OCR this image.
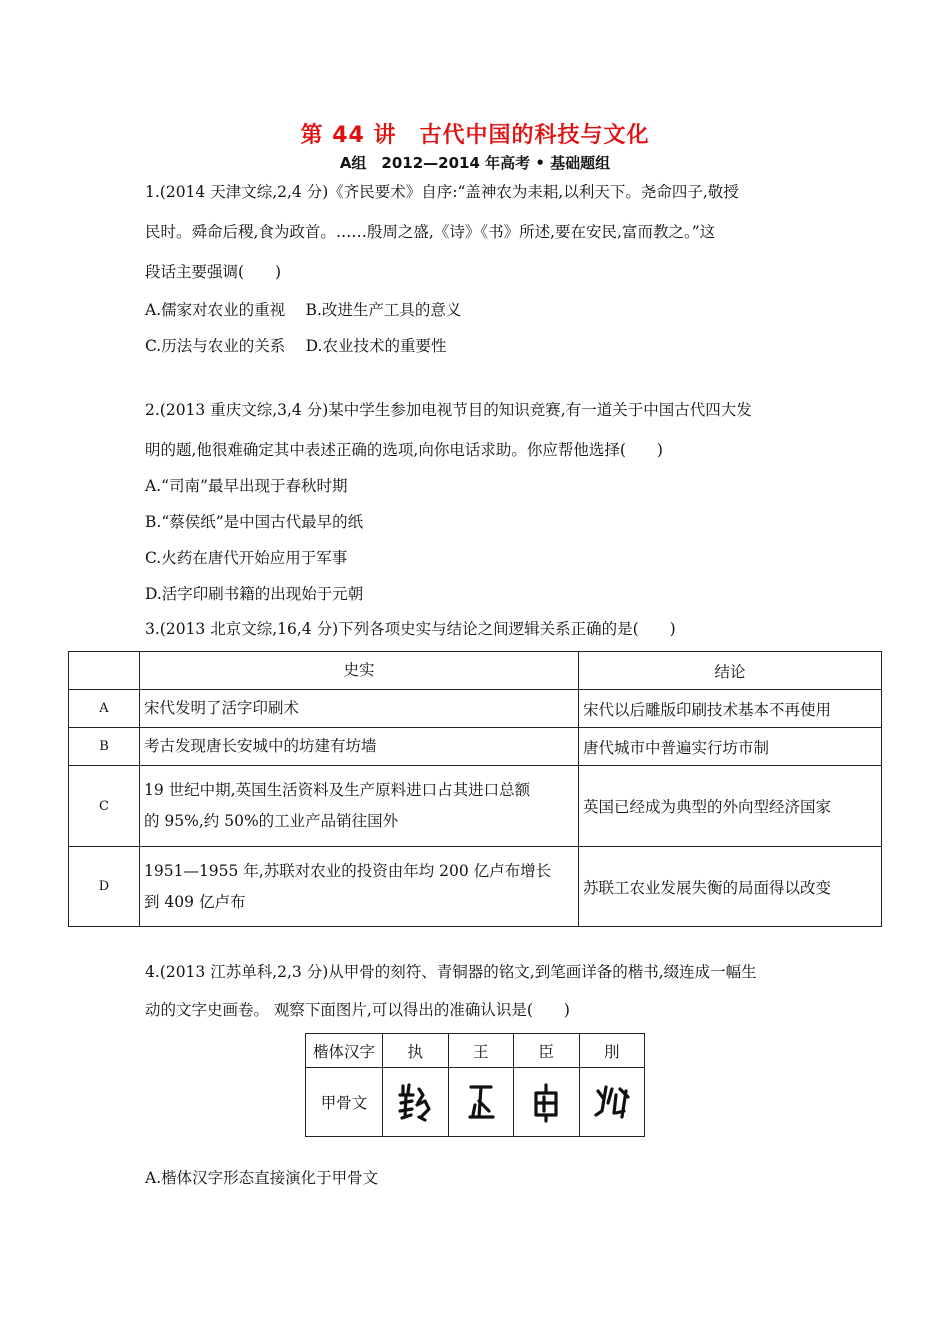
第 44 讲　古代中国的科技与文化
A组　2012—2014 年高考 • 基础题组
1.(2014 天津文综,2,4 分)《齐民要术》自序:“盖神农为耒耜,以利天下。尧命四子,敬授
民时。舜命后稷,食为政首。……殷周之盛,《诗》《书》所述,要在安民,富而教之。”这
段话主要强调(　　)
A.儒家对农业的重视　 B.改进生产工具的意义
C.历法与农业的关系　 D.农业技术的重要性
2.(2013 重庆文综,3,4 分)某中学生参加电视节目的知识竞赛,有一道关于中国古代四大发
明的题,他很难确定其中表述正确的选项,向你电话求助。你应帮他选择(　　)
A.“司南”最早出现于春秋时期
B.“蔡侯纸”是中国古代最早的纸
C.火药在唐代开始应用于军事
D.活字印刷书籍的出现始于元朝
3.(2013 北京文综,16,4 分)下列各项史实与结论之间逻辑关系正确的是(　　)
	史实	结论
A	宋代发明了活字印刷术	宋代以后雕版印刷技术基本不再使用
B	考古发现唐长安城中的坊建有坊墙	唐代城市中普遍实行坊市制
C	19 世纪中期,英国生活资料及生产原料进口占其进口总额
的 95%,约 50%的工业产品销往国外	英国已经成为典型的外向型经济国家
D	1951—1955 年,苏联对农业的投资由年均 200 亿卢布增长
到 409 亿卢布	苏联工农业发展失衡的局面得以改变
4.(2013 江苏单科,2,3 分)从甲骨的刻符、青铜器的铭文,到笔画详备的楷书,缀连成一幅生
动的文字史画卷。 观察下面图片,可以得出的准确认识是(　　)
楷体汉字	执	王	臣	刖
甲骨文				
A.楷体汉字形态直接演化于甲骨文
